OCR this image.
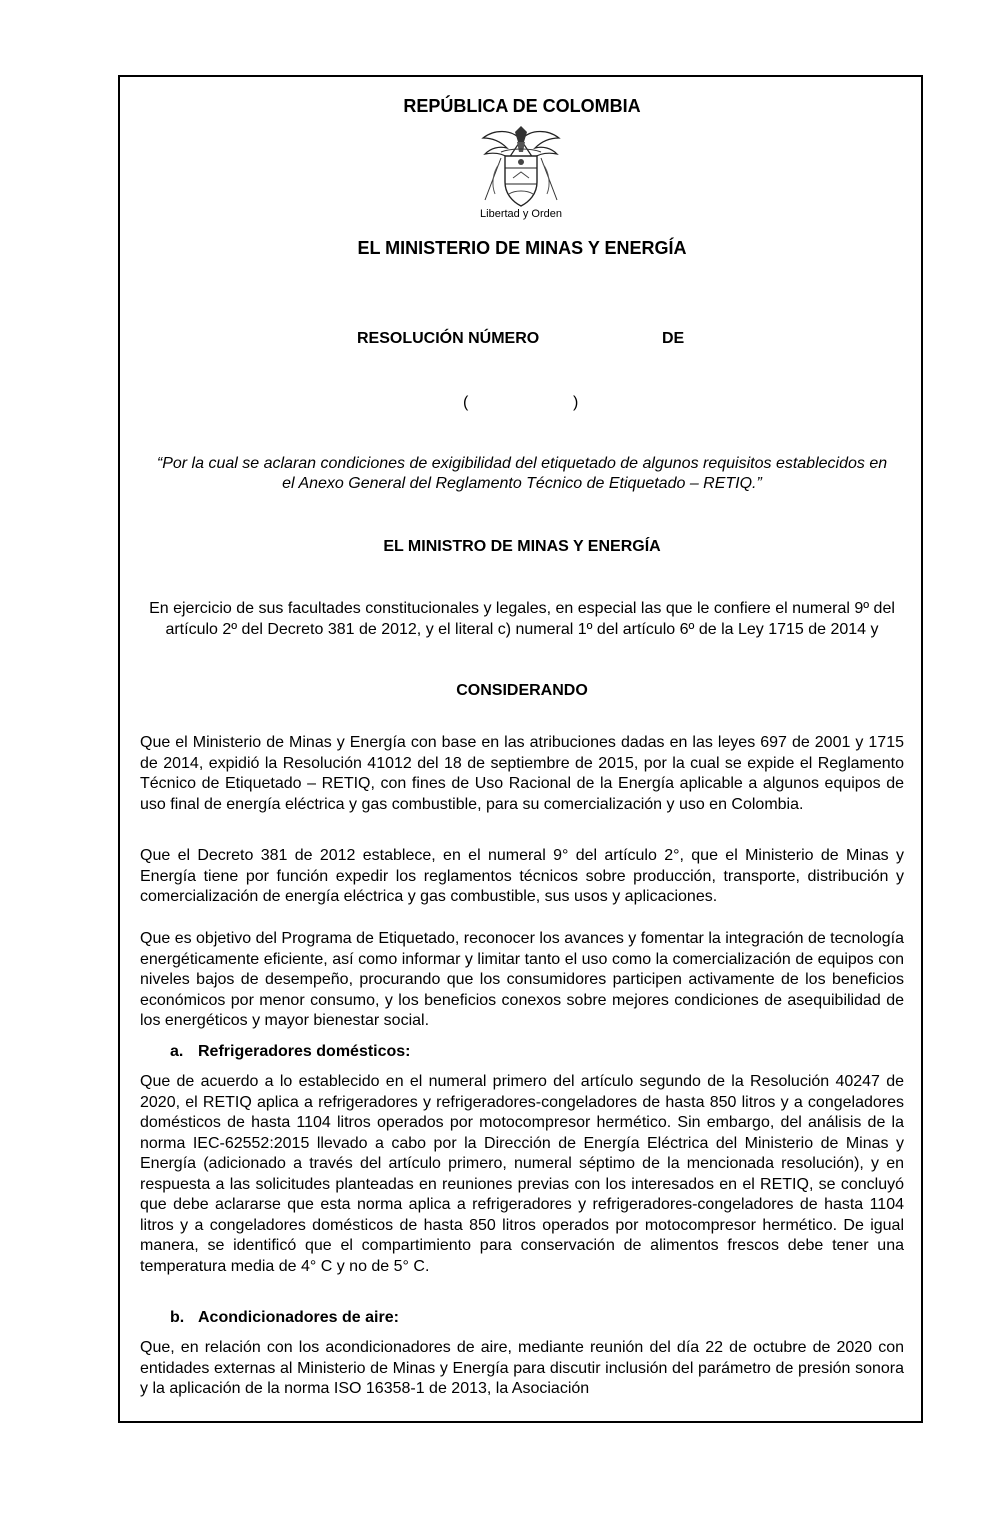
REPÚBLICA DE COLOMBIA
Libertad y Orden
EL MINISTERIO DE MINAS Y ENERGÍA
RESOLUCIÓN NÚMERO	DE
(	)
“Por la cual se aclaran condiciones de exigibilidad del etiquetado de algunos requisitos establecidos en el Anexo General del Reglamento Técnico de Etiquetado – RETIQ.”
EL MINISTRO DE MINAS Y ENERGÍA
En ejercicio de sus facultades constitucionales y legales, en especial las que le confiere el numeral 9º del artículo 2º del Decreto 381 de 2012, y el literal c) numeral 1º del artículo 6º de la Ley 1715 de 2014 y
CONSIDERANDO

Que el Ministerio de Minas y Energía con base en las atribuciones dadas en las leyes 697 de 2001 y 1715 de 2014, expidió la Resolución 41012 del 18 de septiembre de 2015, por la cual se expide el Reglamento Técnico de Etiquetado – RETIQ, con fines de Uso Racional de la Energía aplicable a algunos equipos de uso final de energía eléctrica y gas combustible, para su comercialización y uso en Colombia.

Que el Decreto 381 de 2012 establece, en el numeral 9° del artículo 2°, que el Ministerio de Minas y Energía tiene por función expedir los reglamentos técnicos sobre producción, transporte, distribución y comercialización de energía eléctrica y gas combustible, sus usos y aplicaciones.

Que es objetivo del Programa de Etiquetado, reconocer los avances y fomentar la integración de tecnología energéticamente eficiente, así como informar y limitar tanto el uso como la comercialización de equipos con niveles bajos de desempeño, procurando que los consumidores participen activamente de los beneficios económicos por menor consumo, y los beneficios conexos sobre mejores condiciones de asequibilidad de los energéticos y mayor bienestar social.

a. Refrigeradores domésticos:

Que de acuerdo a lo establecido en el numeral primero del artículo segundo de la Resolución 40247 de 2020, el RETIQ aplica a refrigeradores y refrigeradores-congeladores de hasta 850 litros y a congeladores domésticos de hasta 1104 litros operados por motocompresor hermético. Sin embargo, del análisis de la norma IEC-62552:2015 llevado a cabo por la Dirección de Energía Eléctrica del Ministerio de Minas y Energía (adicionado a través del artículo primero, numeral séptimo de la mencionada resolución), y en respuesta a las solicitudes planteadas en reuniones previas con los interesados en el RETIQ, se concluyó que debe aclararse que esta norma aplica a refrigeradores y refrigeradores-congeladores de hasta 1104 litros y a congeladores domésticos de hasta 850 litros operados por motocompresor hermético. De igual manera, se identificó que el compartimiento para conservación de alimentos frescos debe tener una temperatura media de 4° C y no de 5° C.

b. Acondicionadores de aire:

Que, en relación con los acondicionadores de aire, mediante reunión del día 22 de octubre de 2020 con entidades externas al Ministerio de Minas y Energía para discutir inclusión del parámetro de presión sonora y la aplicación de la norma ISO 16358-1 de 2013, la Asociación
